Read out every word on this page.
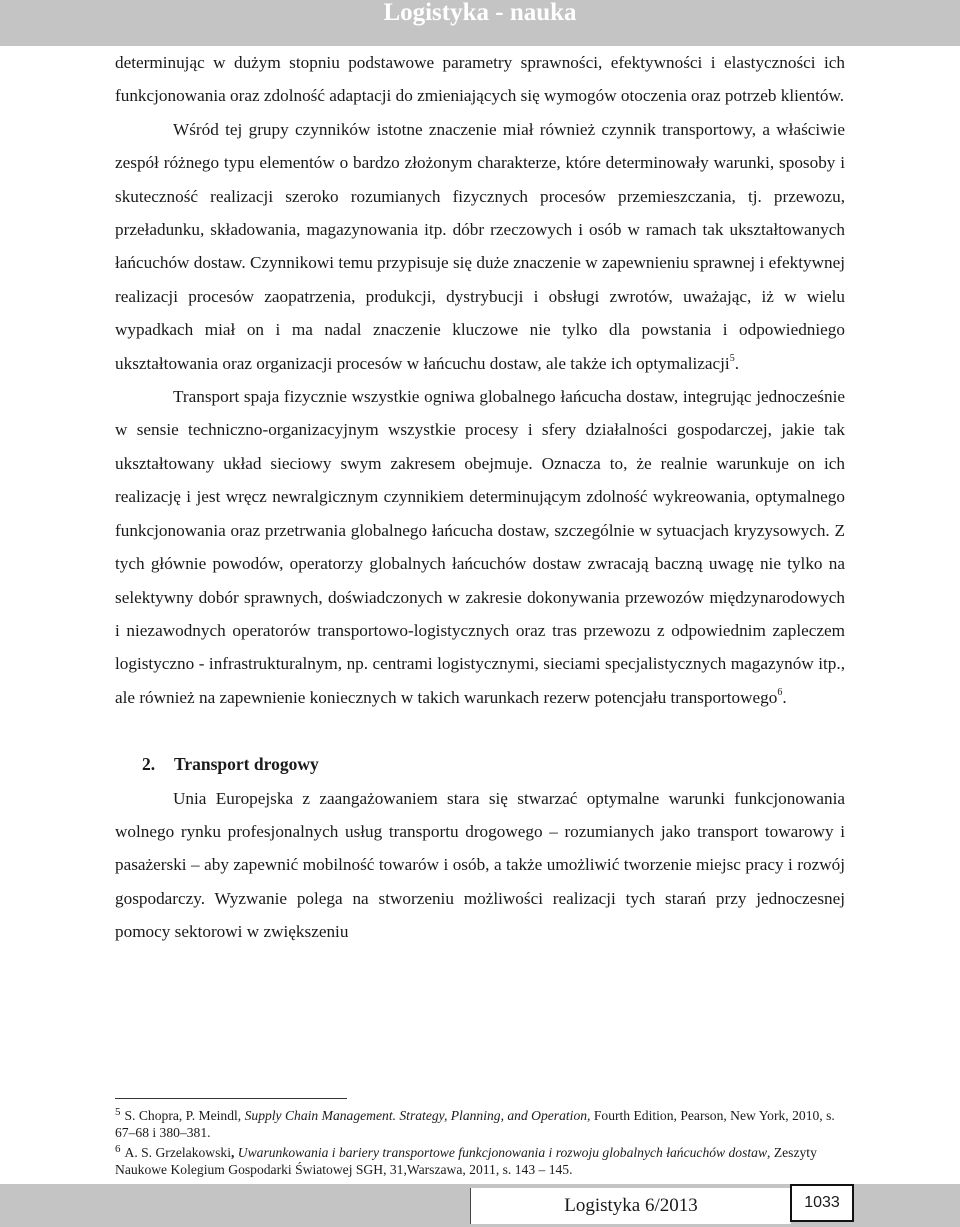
Logistyka - nauka

determinując w dużym stopniu podstawowe parametry sprawności, efektywności i elastyczności ich funkcjonowania oraz zdolność adaptacji do zmieniających się wymogów otoczenia oraz potrzeb klientów.

Wśród tej grupy czynników istotne znaczenie miał również czynnik transportowy, a właściwie zespół różnego typu elementów o bardzo złożonym charakterze, które determinowały warunki, sposoby i skuteczność realizacji szeroko rozumianych fizycznych procesów przemieszczania, tj. przewozu, przeładunku, składowania, magazynowania itp. dóbr rzeczowych i osób w ramach tak ukształtowanych łańcuchów dostaw. Czynnikowi temu przypisuje się duże znaczenie w zapewnieniu sprawnej i efektywnej realizacji procesów zaopatrzenia, produkcji, dystrybucji i obsługi zwrotów, uważając, iż w wielu wypadkach miał on i ma nadal znaczenie kluczowe nie tylko dla powstania i odpowiedniego ukształtowania oraz organizacji procesów w łańcuchu dostaw, ale także ich optymalizacji$^5$.

Transport spaja fizycznie wszystkie ogniwa globalnego łańcucha dostaw, integrując jednocześnie w sensie techniczno-organizacyjnym wszystkie procesy i sfery działalności gospodarczej, jakie tak ukształtowany układ sieciowy swym zakresem obejmuje. Oznacza to, że realnie warunkuje on ich realizację i jest wręcz newralgicznym czynnikiem determinującym zdolność wykreowania, optymalnego funkcjonowania oraz przetrwania globalnego łańcucha dostaw, szczególnie w sytuacjach kryzysowych. Z tych głównie powodów, operatorzy globalnych łańcuchów dostaw zwracają baczną uwagę nie tylko na selektywny dobór sprawnych, doświadczonych w zakresie dokonywania przewozów międzynarodowych i niezawodnych operatorów transportowo-logistycznych oraz tras przewozu z odpowiednim zapleczem logistyczno - infrastrukturalnym, np. centrami logistycznymi, sieciami specjalistycznych magazynów itp., ale również na zapewnienie koniecznych w takich warunkach rezerw potencjału transportowego$^6$.

2. Transport drogowy

Unia Europejska z zaangażowaniem stara się stwarzać optymalne warunki funkcjonowania wolnego rynku profesjonalnych usług transportu drogowego – rozumianych jako transport towarowy i pasażerski – aby zapewnić mobilność towarów i osób, a także umożliwić tworzenie miejsc pracy i rozwój gospodarczy. Wyzwanie polega na stworzeniu możliwości realizacji tych starań przy jednoczesnej pomocy sektorowi w zwiększeniu

$^5$ S. Chopra, P. Meindl, Supply Chain Management. Strategy, Planning, and Operation, Fourth Edition, Pearson, New York, 2010, s. 67–68 i 380–381.

$^6$ A. S. Grzelakowski, Uwarunkowania i bariery transportowe funkcjonowania i rozwoju globalnych łańcuchów dostaw, Zeszyty Naukowe Kolegium Gospodarki Światowej SGH, 31,Warszawa, 2011, s. 143 – 145.

Logistyka 6/2013	1033
